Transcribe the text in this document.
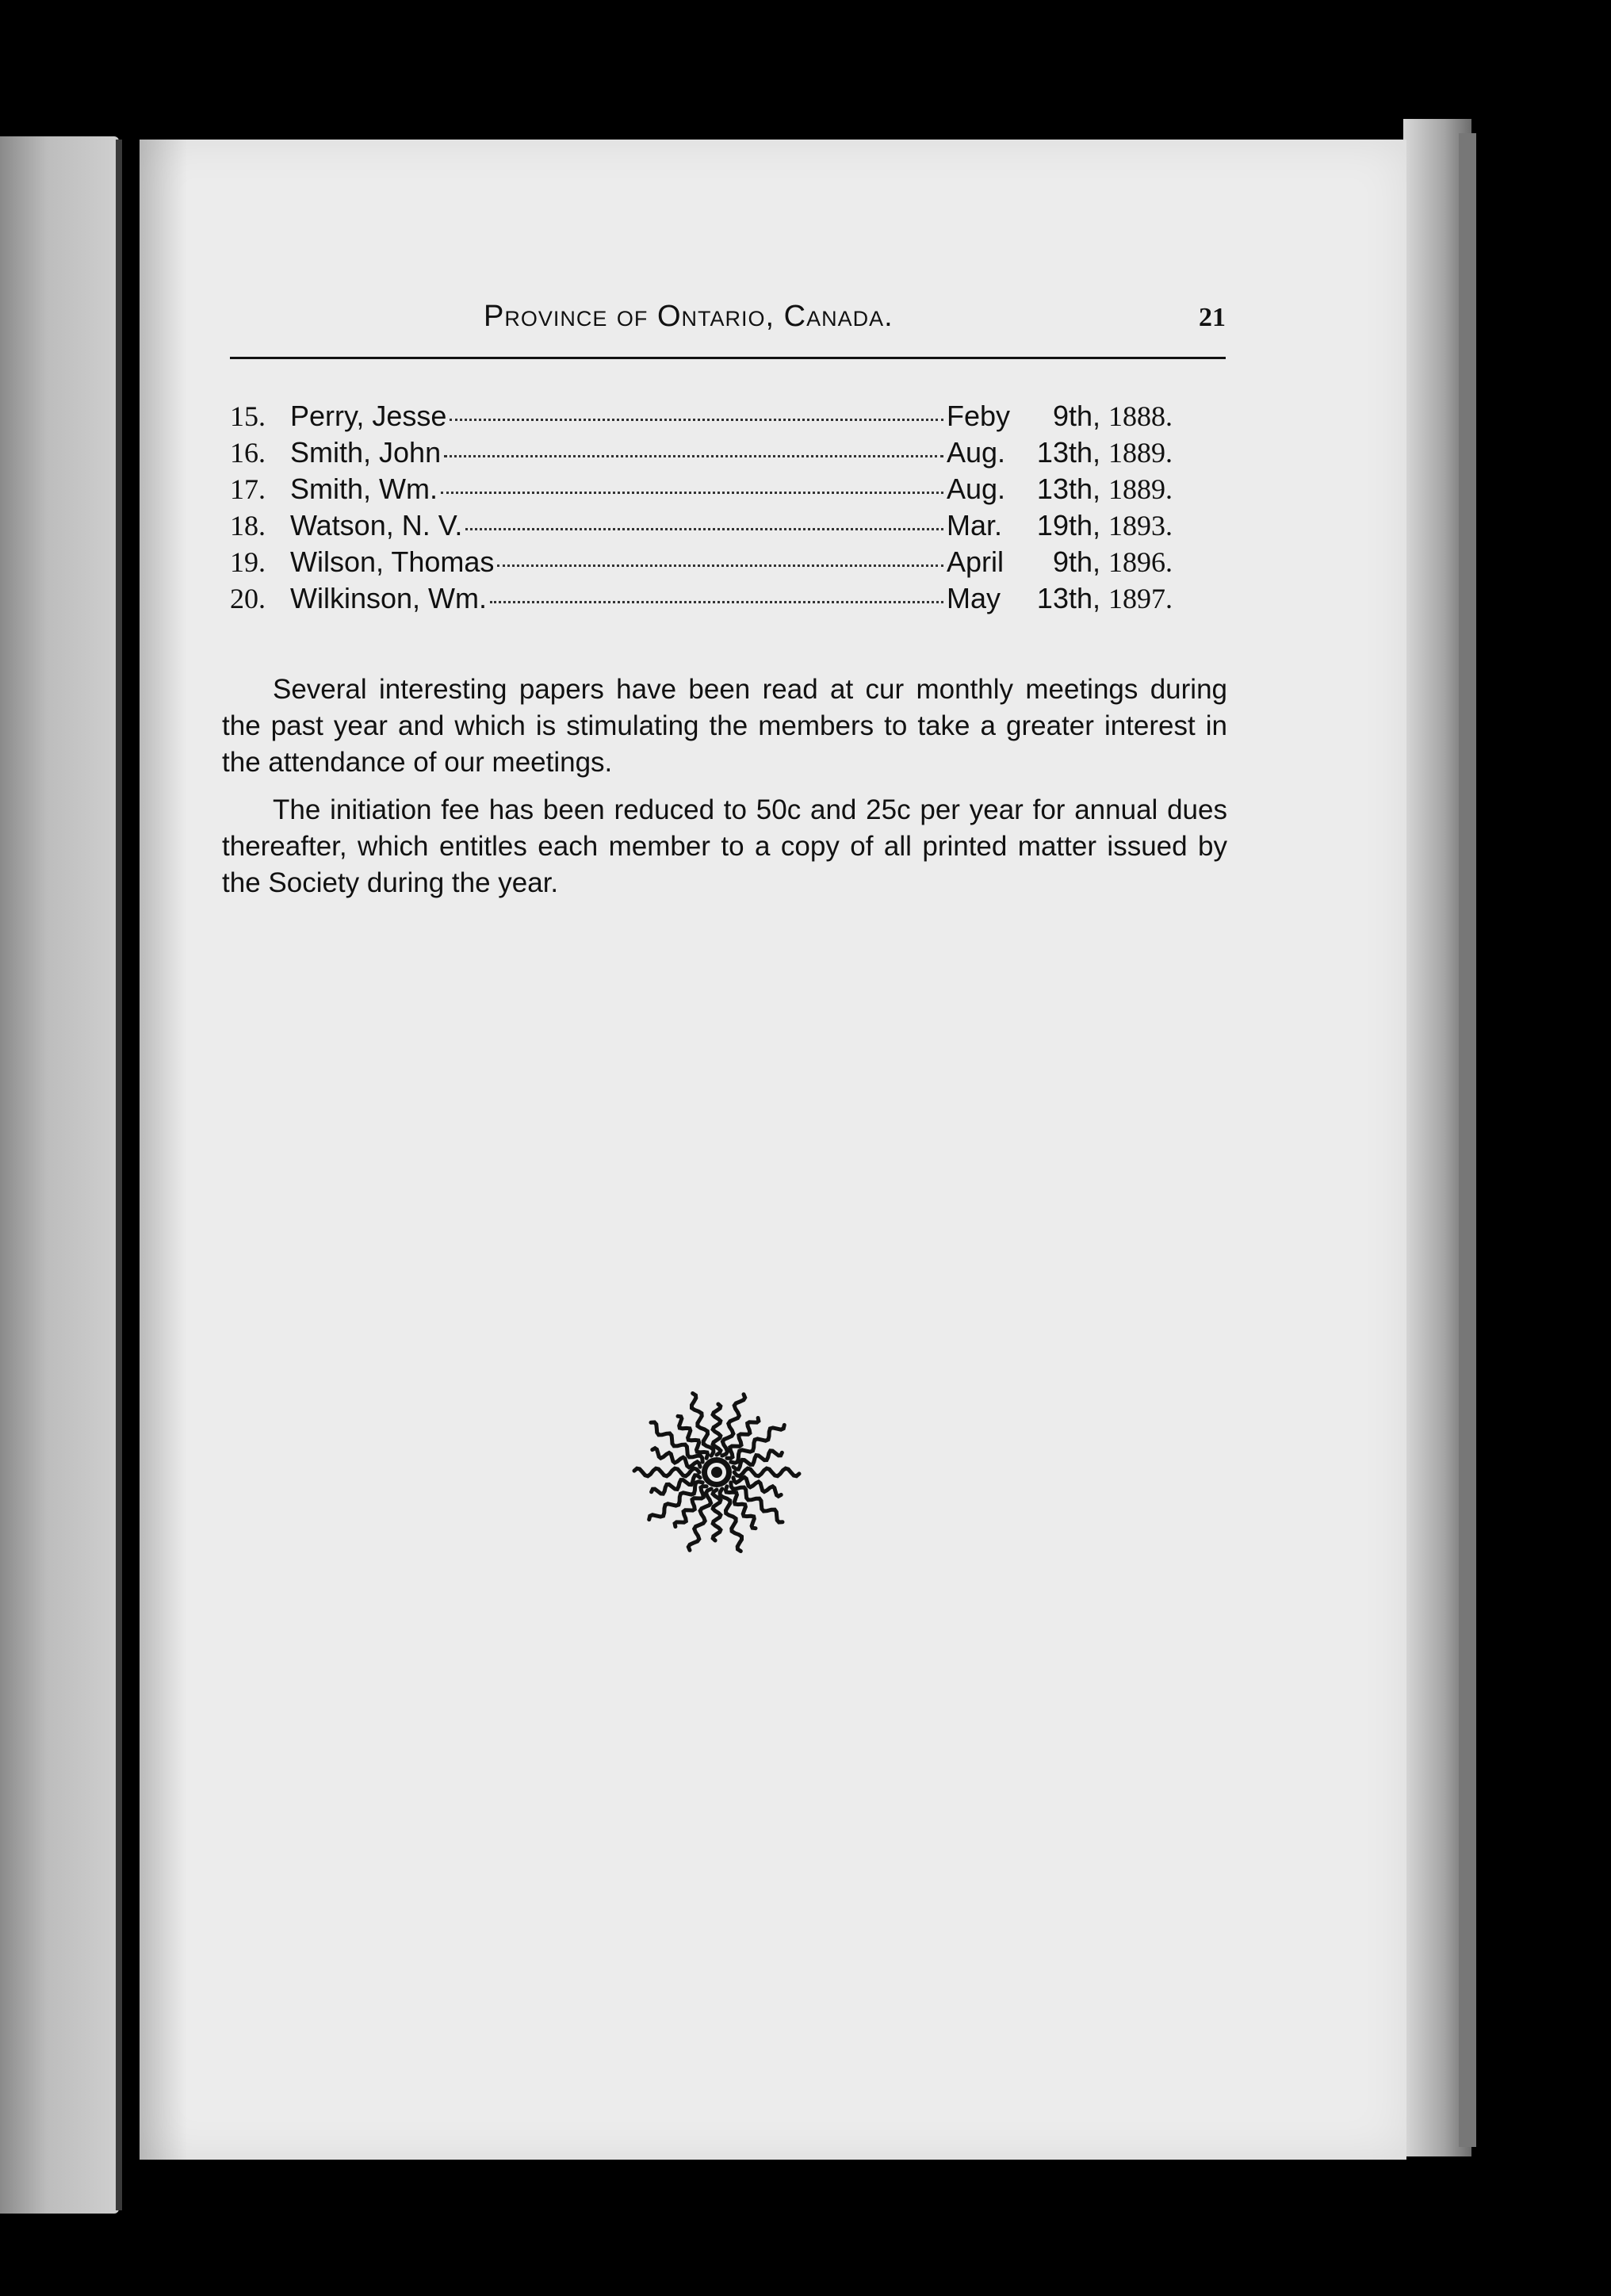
Province of Ontario, Canada.	21
15. Perry, Jesse	Feby	9th, 1888.
16. Smith, John	Aug.	13th, 1889.
17. Smith, Wm.	Aug.	13th, 1889.
18. Watson, N. V.	Mar.	19th, 1893.
19. Wilson, Thomas	April	9th, 1896.
20. Wilkinson, Wm.	May	13th, 1897.

Several interesting papers have been read at cur monthly meetings during the past year and which is stimulating the members to take a greater interest in the attendance of our meetings.

The initiation fee has been reduced to 50c and 25c per year for annual dues thereafter, which entitles each member to a copy of all printed matter issued by the Society during the year.
